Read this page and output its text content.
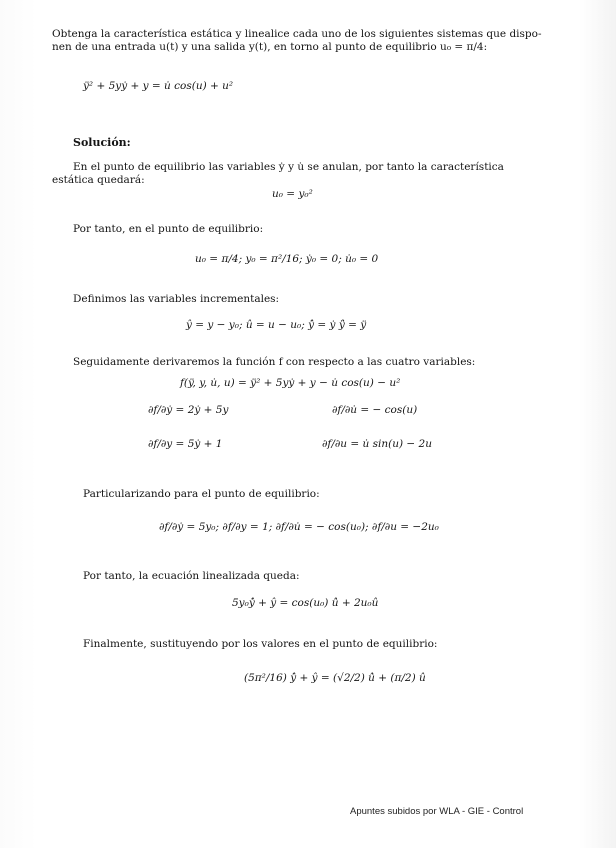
Obtenga la característica estática y linealice cada uno de los siguientes sistemas que dispo-
nen de una entrada u(t) y una salida y(t), en torno al punto de equilibrio u₀ = π/4:
ÿ² + 5yẏ + y = u̇ cos(u) + u²
Solución:
En el punto de equilibrio las variables ẏ y u̇ se anulan, por tanto la característica
estática quedará:
u₀ = y₀²
Por tanto, en el punto de equilibrio:
u₀ = π/4; y₀ = π²/16; ẏ₀ = 0; u̇₀ = 0
Definimos las variables incrementales:
ŷ = y − y₀; û = u − u₀; ŷ̇ = ẏ ŷ̈ = ÿ
Seguidamente derivaremos la función f con respecto a las cuatro variables:
f(ÿ, y, u̇, u) = ÿ² + 5yẏ + y − u̇ cos(u) − u²
∂f/∂ẏ = 2ẏ + 5y	∂f/∂u̇ = − cos(u)
∂f/∂y = 5ẏ + 1	∂f/∂u = u̇ sin(u) − 2u
Particularizando para el punto de equilibrio:
∂f/∂ẏ = 5y₀; ∂f/∂y = 1; ∂f/∂u̇ = − cos(u₀); ∂f/∂u = −2u₀
Por tanto, la ecuación linealizada queda:
5y₀ŷ̇ + ŷ = cos(u₀) û̇ + 2u₀û
Finalmente, sustituyendo por los valores en el punto de equilibrio:
(5π²/16) ŷ̇ + ŷ = (√2/2) û̇ + (π/2) û
Apuntes subidos por WLA - GIE - Control
